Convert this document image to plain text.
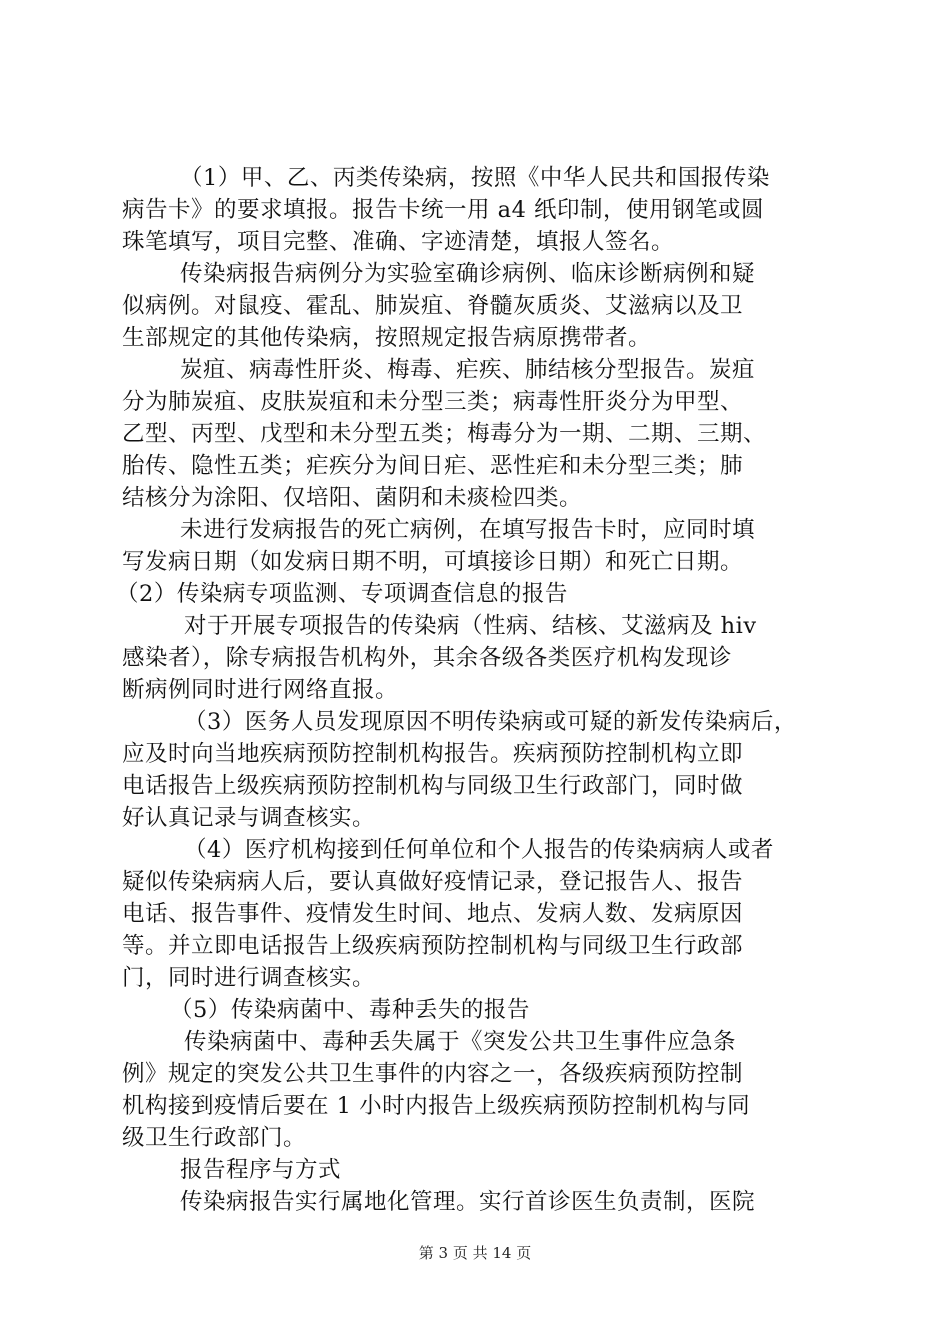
（1）甲、乙、丙类传染病，按照《中华人民共和国报传染
病告卡》的要求填报。报告卡统一用 a4 纸印制，使用钢笔或圆
珠笔填写，项目完整、准确、字迹清楚，填报人签名。
传染病报告病例分为实验室确诊病例、临床诊断病例和疑
似病例。对鼠疫、霍乱、肺炭疽、脊髓灰质炎、艾滋病以及卫
生部规定的其他传染病，按照规定报告病原携带者。
炭疽、病毒性肝炎、梅毒、疟疾、肺结核分型报告。炭疽
分为肺炭疽、皮肤炭疽和未分型三类；病毒性肝炎分为甲型、
乙型、丙型、戊型和未分型五类；梅毒分为一期、二期、三期、
胎传、隐性五类；疟疾分为间日疟、恶性疟和未分型三类；肺
结核分为涂阳、仅培阳、菌阴和未痰检四类。
未进行发病报告的死亡病例，在填写报告卡时，应同时填
写发病日期（如发病日期不明，可填接诊日期）和死亡日期。
（2）传染病专项监测、专项调查信息的报告
对于开展专项报告的传染病（性病、结核、艾滋病及 hiv
感染者），除专病报告机构外，其余各级各类医疗机构发现诊
断病例同时进行网络直报。
（3）医务人员发现原因不明传染病或可疑的新发传染病后，
应及时向当地疾病预防控制机构报告。疾病预防控制机构立即
电话报告上级疾病预防控制机构与同级卫生行政部门，同时做
好认真记录与调查核实。
（4）医疗机构接到任何单位和个人报告的传染病病人或者
疑似传染病病人后，要认真做好疫情记录，登记报告人、报告
电话、报告事件、疫情发生时间、地点、发病人数、发病原因
等。并立即电话报告上级疾病预防控制机构与同级卫生行政部
门，同时进行调查核实。
（5）传染病菌中、毒种丢失的报告
传染病菌中、毒种丢失属于《突发公共卫生事件应急条
例》规定的突发公共卫生事件的内容之一，各级疾病预防控制
机构接到疫情后要在 1 小时内报告上级疾病预防控制机构与同
级卫生行政部门。
报告程序与方式
传染病报告实行属地化管理。实行首诊医生负责制，医院
第 3 页 共 14 页
